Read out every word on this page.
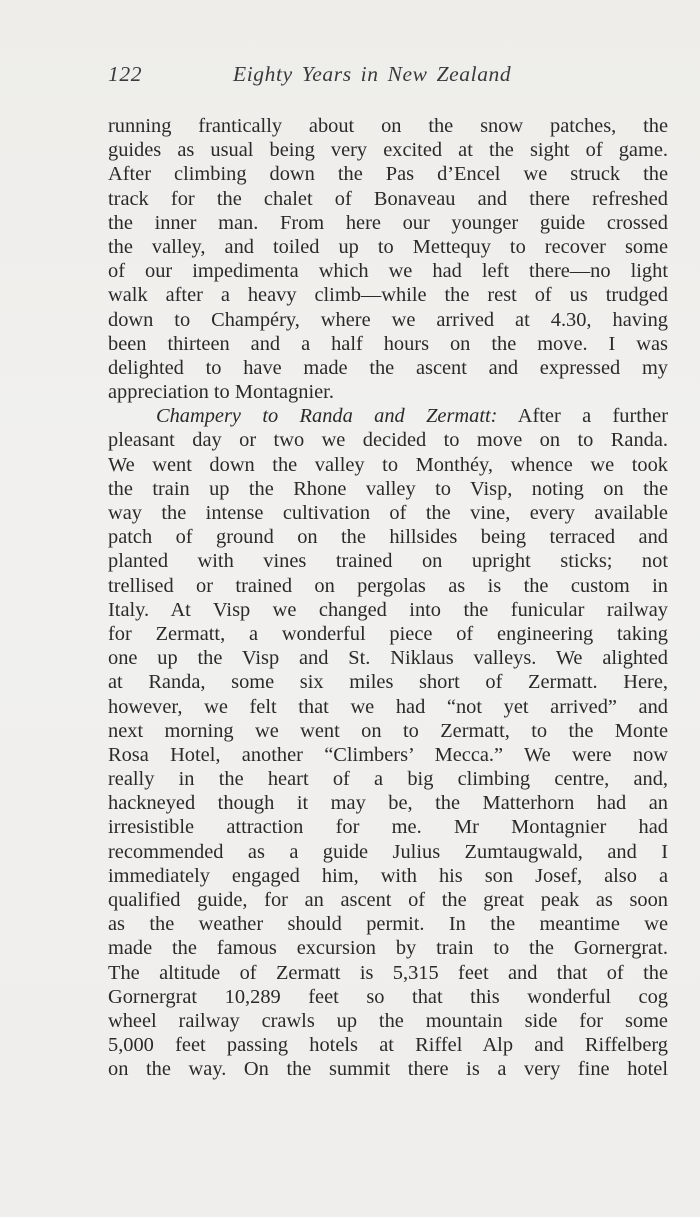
122	Eighty Years in New Zealand
running frantically about on the snow patches, the
guides as usual being very excited at the sight of game.
After climbing down the Pas d’Encel we struck the
track for the chalet of Bonaveau and there refreshed
the inner man. From here our younger guide crossed
the valley, and toiled up to Mettequy to recover some
of our impedimenta which we had left there—no light
walk after a heavy climb—while the rest of us trudged
down to Champéry, where we arrived at 4.30, having
been thirteen and a half hours on the move. I was
delighted to have made the ascent and expressed my
appreciation to Montagnier.
Champery to Randa and Zermatt: After a further
pleasant day or two we decided to move on to Randa.
We went down the valley to Monthéy, whence we took
the train up the Rhone valley to Visp, noting on the
way the intense cultivation of the vine, every available
patch of ground on the hillsides being terraced and
planted with vines trained on upright sticks; not
trellised or trained on pergolas as is the custom in
Italy. At Visp we changed into the funicular railway
for Zermatt, a wonderful piece of engineering taking
one up the Visp and St. Niklaus valleys. We alighted
at Randa, some six miles short of Zermatt. Here,
however, we felt that we had “not yet arrived” and
next morning we went on to Zermatt, to the Monte
Rosa Hotel, another “Climbers’ Mecca.” We were now
really in the heart of a big climbing centre, and,
hackneyed though it may be, the Matterhorn had an
irresistible attraction for me. Mr Montagnier had
recommended as a guide Julius Zumtaugwald, and I
immediately engaged him, with his son Josef, also a
qualified guide, for an ascent of the great peak as soon
as the weather should permit. In the meantime we
made the famous excursion by train to the Gornergrat.
The altitude of Zermatt is 5,315 feet and that of the
Gornergrat 10,289 feet so that this wonderful cog
wheel railway crawls up the mountain side for some
5,000 feet passing hotels at Riffel Alp and Riffelberg
on the way. On the summit there is a very fine hotel
